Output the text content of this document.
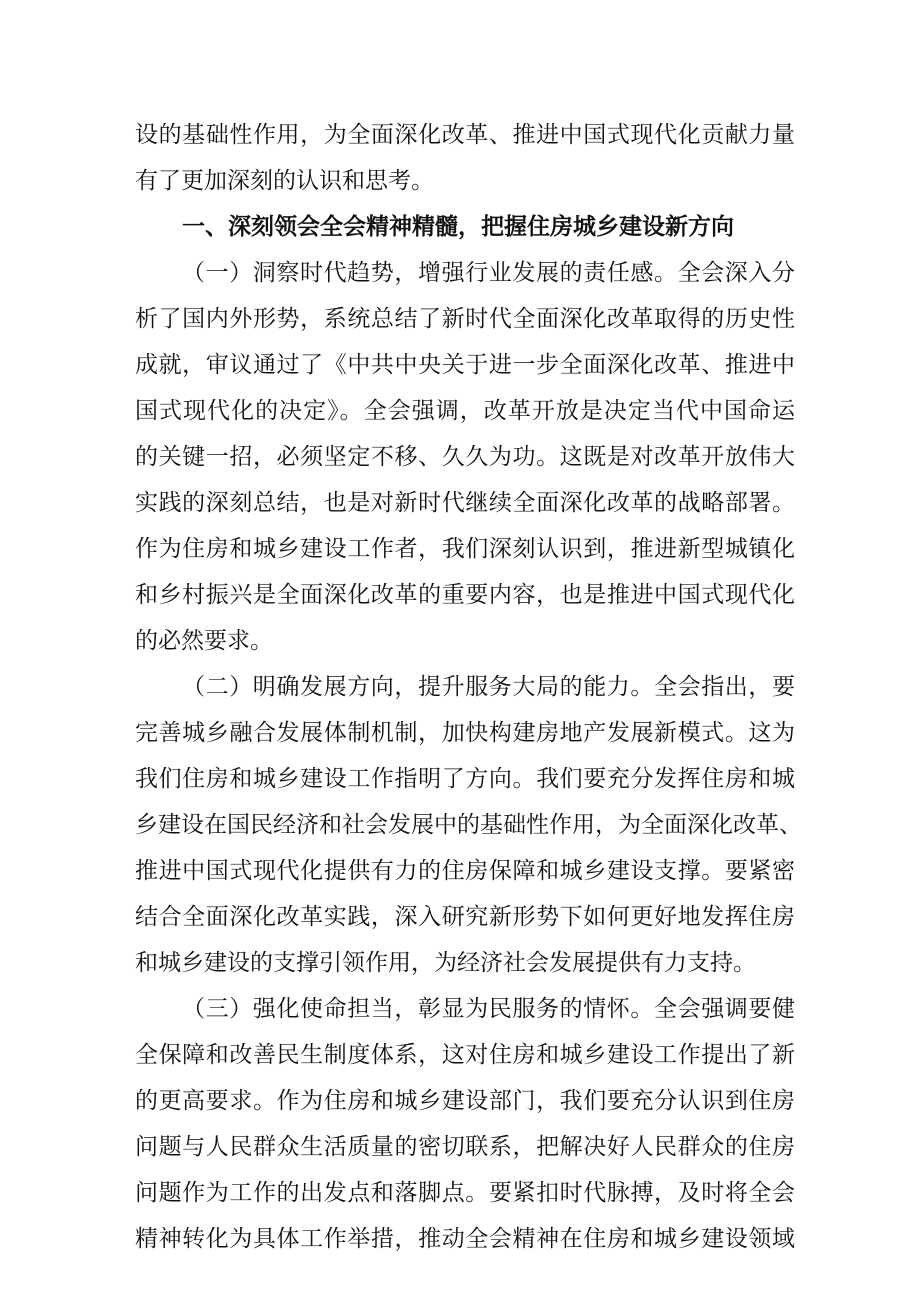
设的基础性作用，为全面深化改革、推进中国式现代化贡献力量
有了更加深刻的认识和思考。
一、深刻领会全会精神精髓，把握住房城乡建设新方向
（一）洞察时代趋势，增强行业发展的责任感。全会深入分
析了国内外形势，系统总结了新时代全面深化改革取得的历史性
成就，审议通过了《中共中央关于进一步全面深化改革、推进中
国式现代化的决定》。全会强调，改革开放是决定当代中国命运
的关键一招，必须坚定不移、久久为功。这既是对改革开放伟大
实践的深刻总结，也是对新时代继续全面深化改革的战略部署。
作为住房和城乡建设工作者，我们深刻认识到，推进新型城镇化
和乡村振兴是全面深化改革的重要内容，也是推进中国式现代化
的必然要求。
（二）明确发展方向，提升服务大局的能力。全会指出，要
完善城乡融合发展体制机制，加快构建房地产发展新模式。这为
我们住房和城乡建设工作指明了方向。我们要充分发挥住房和城
乡建设在国民经济和社会发展中的基础性作用，为全面深化改革、
推进中国式现代化提供有力的住房保障和城乡建设支撑。要紧密
结合全面深化改革实践，深入研究新形势下如何更好地发挥住房
和城乡建设的支撑引领作用，为经济社会发展提供有力支持。
（三）强化使命担当，彰显为民服务的情怀。全会强调要健
全保障和改善民生制度体系，这对住房和城乡建设工作提出了新
的更高要求。作为住房和城乡建设部门，我们要充分认识到住房
问题与人民群众生活质量的密切联系，把解决好人民群众的住房
问题作为工作的出发点和落脚点。要紧扣时代脉搏，及时将全会
精神转化为具体工作举措，推动全会精神在住房和城乡建设领域
